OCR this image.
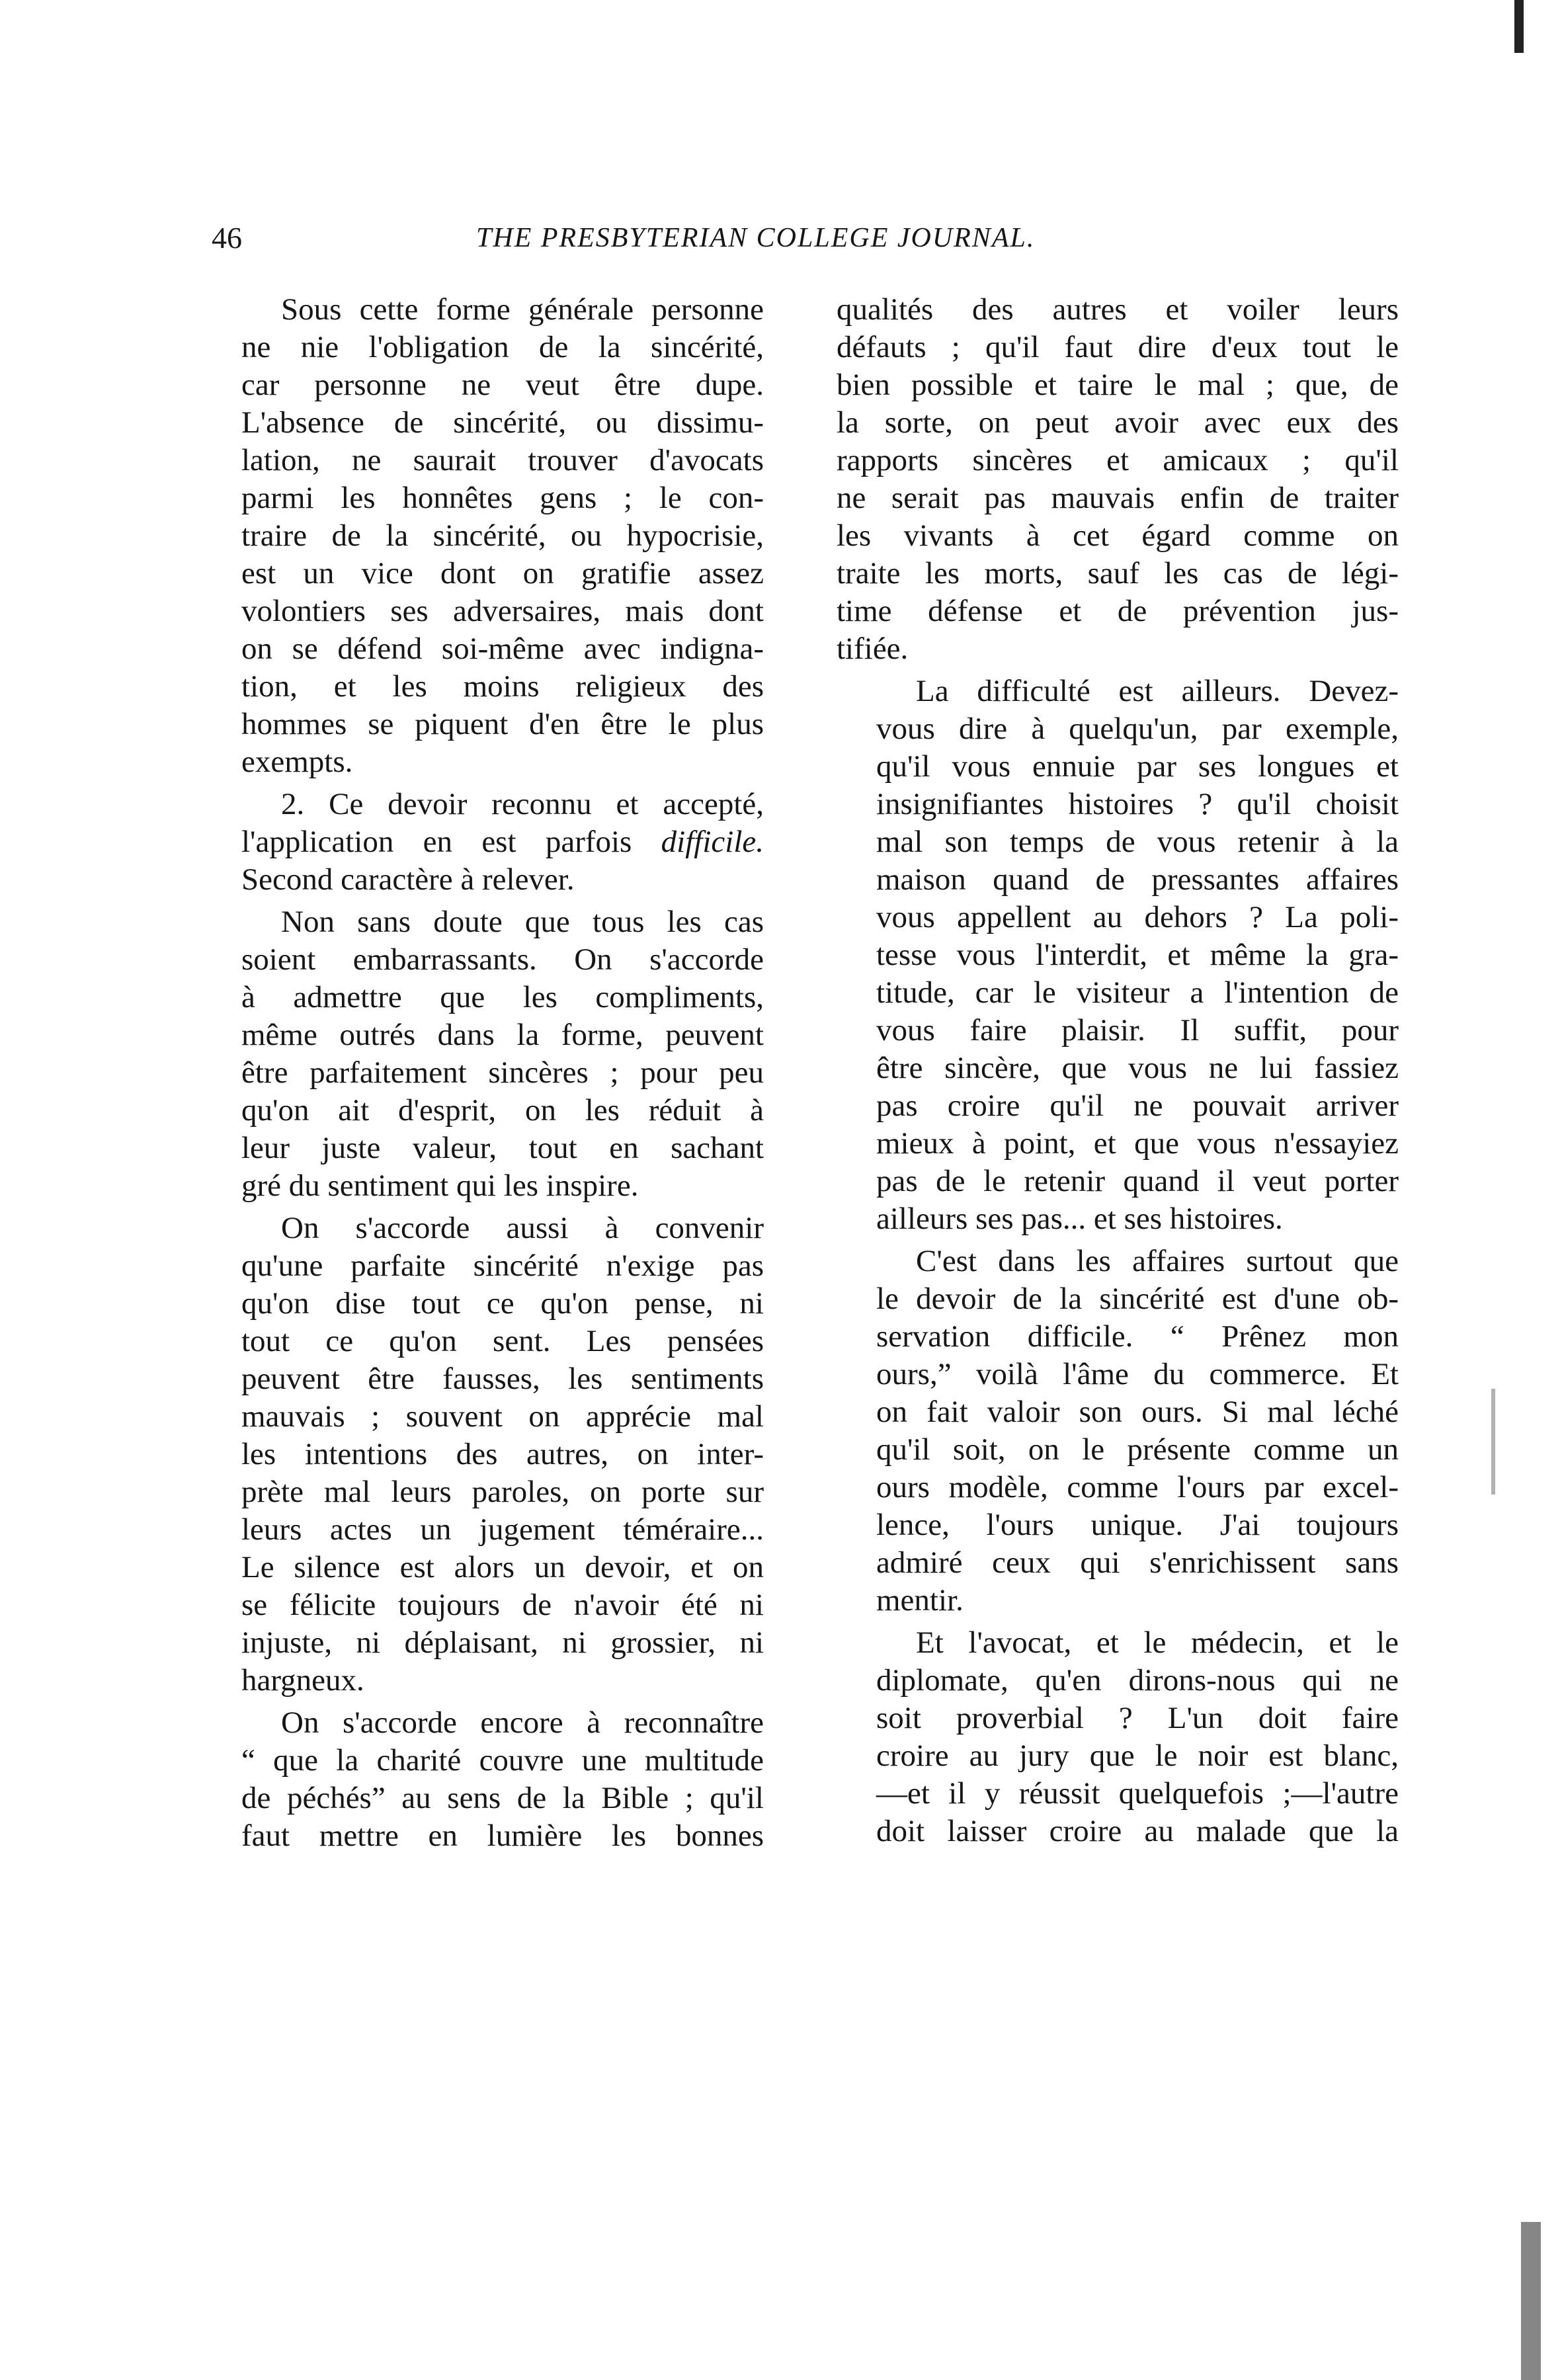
46	THE PRESBYTERIAN COLLEGE JOURNAL.

Sous cette forme générale personne
ne nie l'obligation de la sincérité,
car personne ne veut être dupe.
L'absence de sincérité, ou dissimu-
lation, ne saurait trouver d'avocats
parmi les honnêtes gens ; le con-
traire de la sincérité, ou hypocrisie,
est un vice dont on gratifie assez
volontiers ses adversaires, mais dont
on se défend soi-même avec indigna-
tion, et les moins religieux des
hommes se piquent d'en être le plus
exempts.

2. Ce devoir reconnu et accepté,
l'application en est parfois difficile.
Second caractère à relever.

Non sans doute que tous les cas
soient embarrassants. On s'accorde
à admettre que les compliments,
même outrés dans la forme, peuvent
être parfaitement sincères ; pour peu
qu'on ait d'esprit, on les réduit à
leur juste valeur, tout en sachant
gré du sentiment qui les inspire.

On s'accorde aussi à convenir
qu'une parfaite sincérité n'exige pas
qu'on dise tout ce qu'on pense, ni
tout ce qu'on sent. Les pensées
peuvent être fausses, les sentiments
mauvais ; souvent on apprécie mal
les intentions des autres, on inter-
prète mal leurs paroles, on porte sur
leurs actes un jugement téméraire...
Le silence est alors un devoir, et on
se félicite toujours de n'avoir été ni
injuste, ni déplaisant, ni grossier, ni
hargneux.

On s'accorde encore à reconnaître
“ que la charité couvre une multitude
de péchés” au sens de la Bible ; qu'il
faut mettre en lumière les bonnes

qualités des autres et voiler leurs
défauts ; qu'il faut dire d'eux tout le
bien possible et taire le mal ; que, de
la sorte, on peut avoir avec eux des
rapports sincères et amicaux ; qu'il
ne serait pas mauvais enfin de traiter
les vivants à cet égard comme on
traite les morts, sauf les cas de légi-
time défense et de prévention jus-
tifiée.

La difficulté est ailleurs. Devez-
vous dire à quelqu'un, par exemple,
qu'il vous ennuie par ses longues et
insignifiantes histoires ? qu'il choisit
mal son temps de vous retenir à la
maison quand de pressantes affaires
vous appellent au dehors ? La poli-
tesse vous l'interdit, et même la gra-
titude, car le visiteur a l'intention de
vous faire plaisir. Il suffit, pour
être sincère, que vous ne lui fassiez
pas croire qu'il ne pouvait arriver
mieux à point, et que vous n'essayiez
pas de le retenir quand il veut porter
ailleurs ses pas... et ses histoires.

C'est dans les affaires surtout que
le devoir de la sincérité est d'une ob-
servation difficile. “ Prênez mon
ours,” voilà l'âme du commerce. Et
on fait valoir son ours. Si mal léché
qu'il soit, on le présente comme un
ours modèle, comme l'ours par excel-
lence, l'ours unique. J'ai toujours
admiré ceux qui s'enrichissent sans
mentir.

Et l'avocat, et le médecin, et le
diplomate, qu'en dirons-nous qui ne
soit proverbial ? L'un doit faire
croire au jury que le noir est blanc,
—et il y réussit quelquefois ;—l'autre
doit laisser croire au malade que la
